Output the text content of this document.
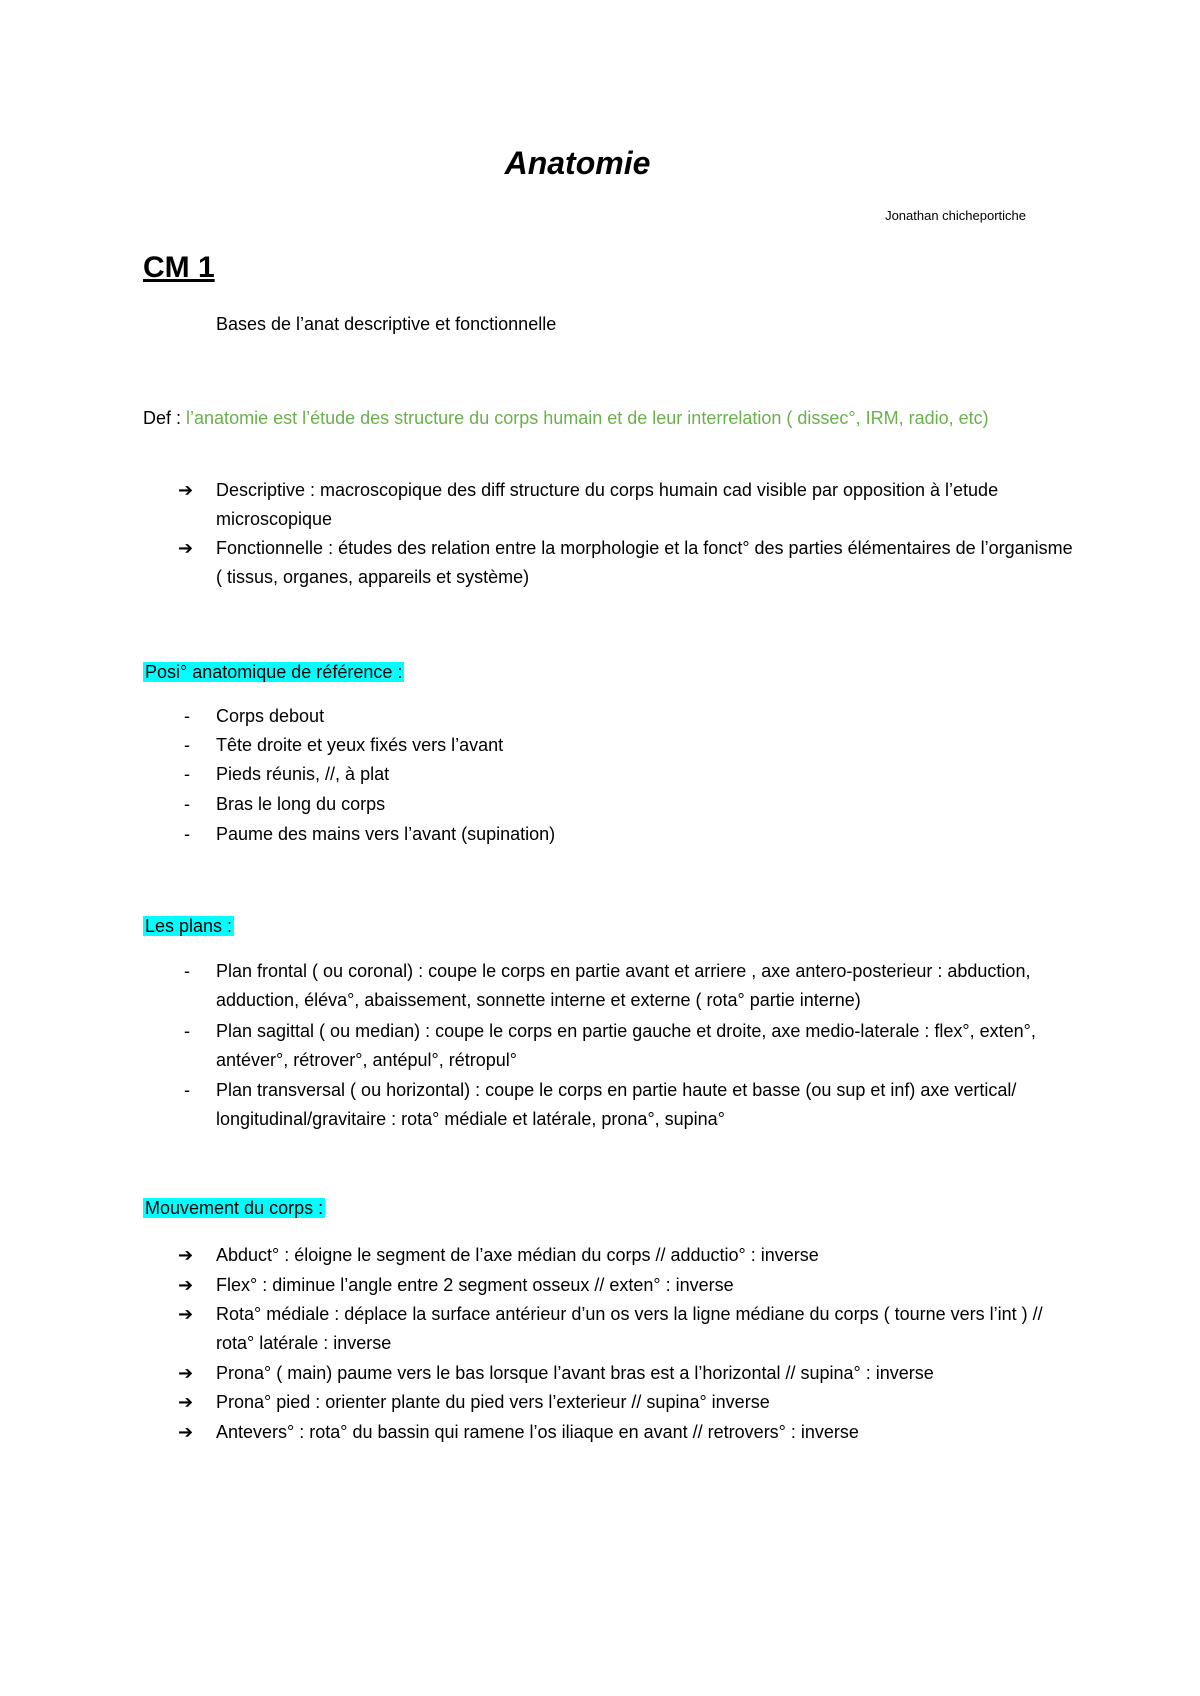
Anatomie
Jonathan chicheportiche
CM 1
Bases de l’anat descriptive et fonctionnelle
Def : l’anatomie est l’étude des structure du corps humain et de leur interrelation ( dissec°, IRM, radio, etc)
➔ Descriptive : macroscopique des diff structure du corps humain cad visible par opposition à l’etude microscopique
➔ Fonctionnelle : études des relation entre la morphologie et la fonct° des parties élémentaires de l’organisme ( tissus, organes, appareils et système)
Posi° anatomique de référence :
- Corps debout
- Tête droite et yeux fixés vers l’avant
- Pieds réunis, //, à plat
- Bras le long du corps
- Paume des mains vers l’avant (supination)
Les plans :
- Plan frontal ( ou coronal) : coupe le corps en partie avant et arriere , axe antero-posterieur : abduction, adduction, éléva°, abaissement, sonnette interne et externe ( rota° partie interne)
- Plan sagittal ( ou median) : coupe le corps en partie gauche et droite, axe medio-laterale : flex°, exten°, antéver°, rétrover°, antépul°, rétropul°
- Plan transversal ( ou horizontal) : coupe le corps en partie haute et basse (ou sup et inf) axe vertical/ longitudinal/gravitaire : rota° médiale et latérale, prona°, supina°
Mouvement du corps :
➔ Abduct° : éloigne le segment de l’axe médian du corps // adductio° : inverse
➔ Flex° : diminue l’angle entre 2 segment osseux // exten° : inverse
➔ Rota° médiale : déplace la surface antérieur d’un os vers la ligne médiane du corps ( tourne vers l’int ) // rota° latérale : inverse
➔ Prona° ( main) paume vers le bas lorsque l’avant bras est a l’horizontal // supina° : inverse
➔ Prona° pied : orienter plante du pied vers l’exterieur // supina° inverse
➔ Antevers° : rota° du bassin qui ramene l’os iliaque en avant // retrovers° : inverse
